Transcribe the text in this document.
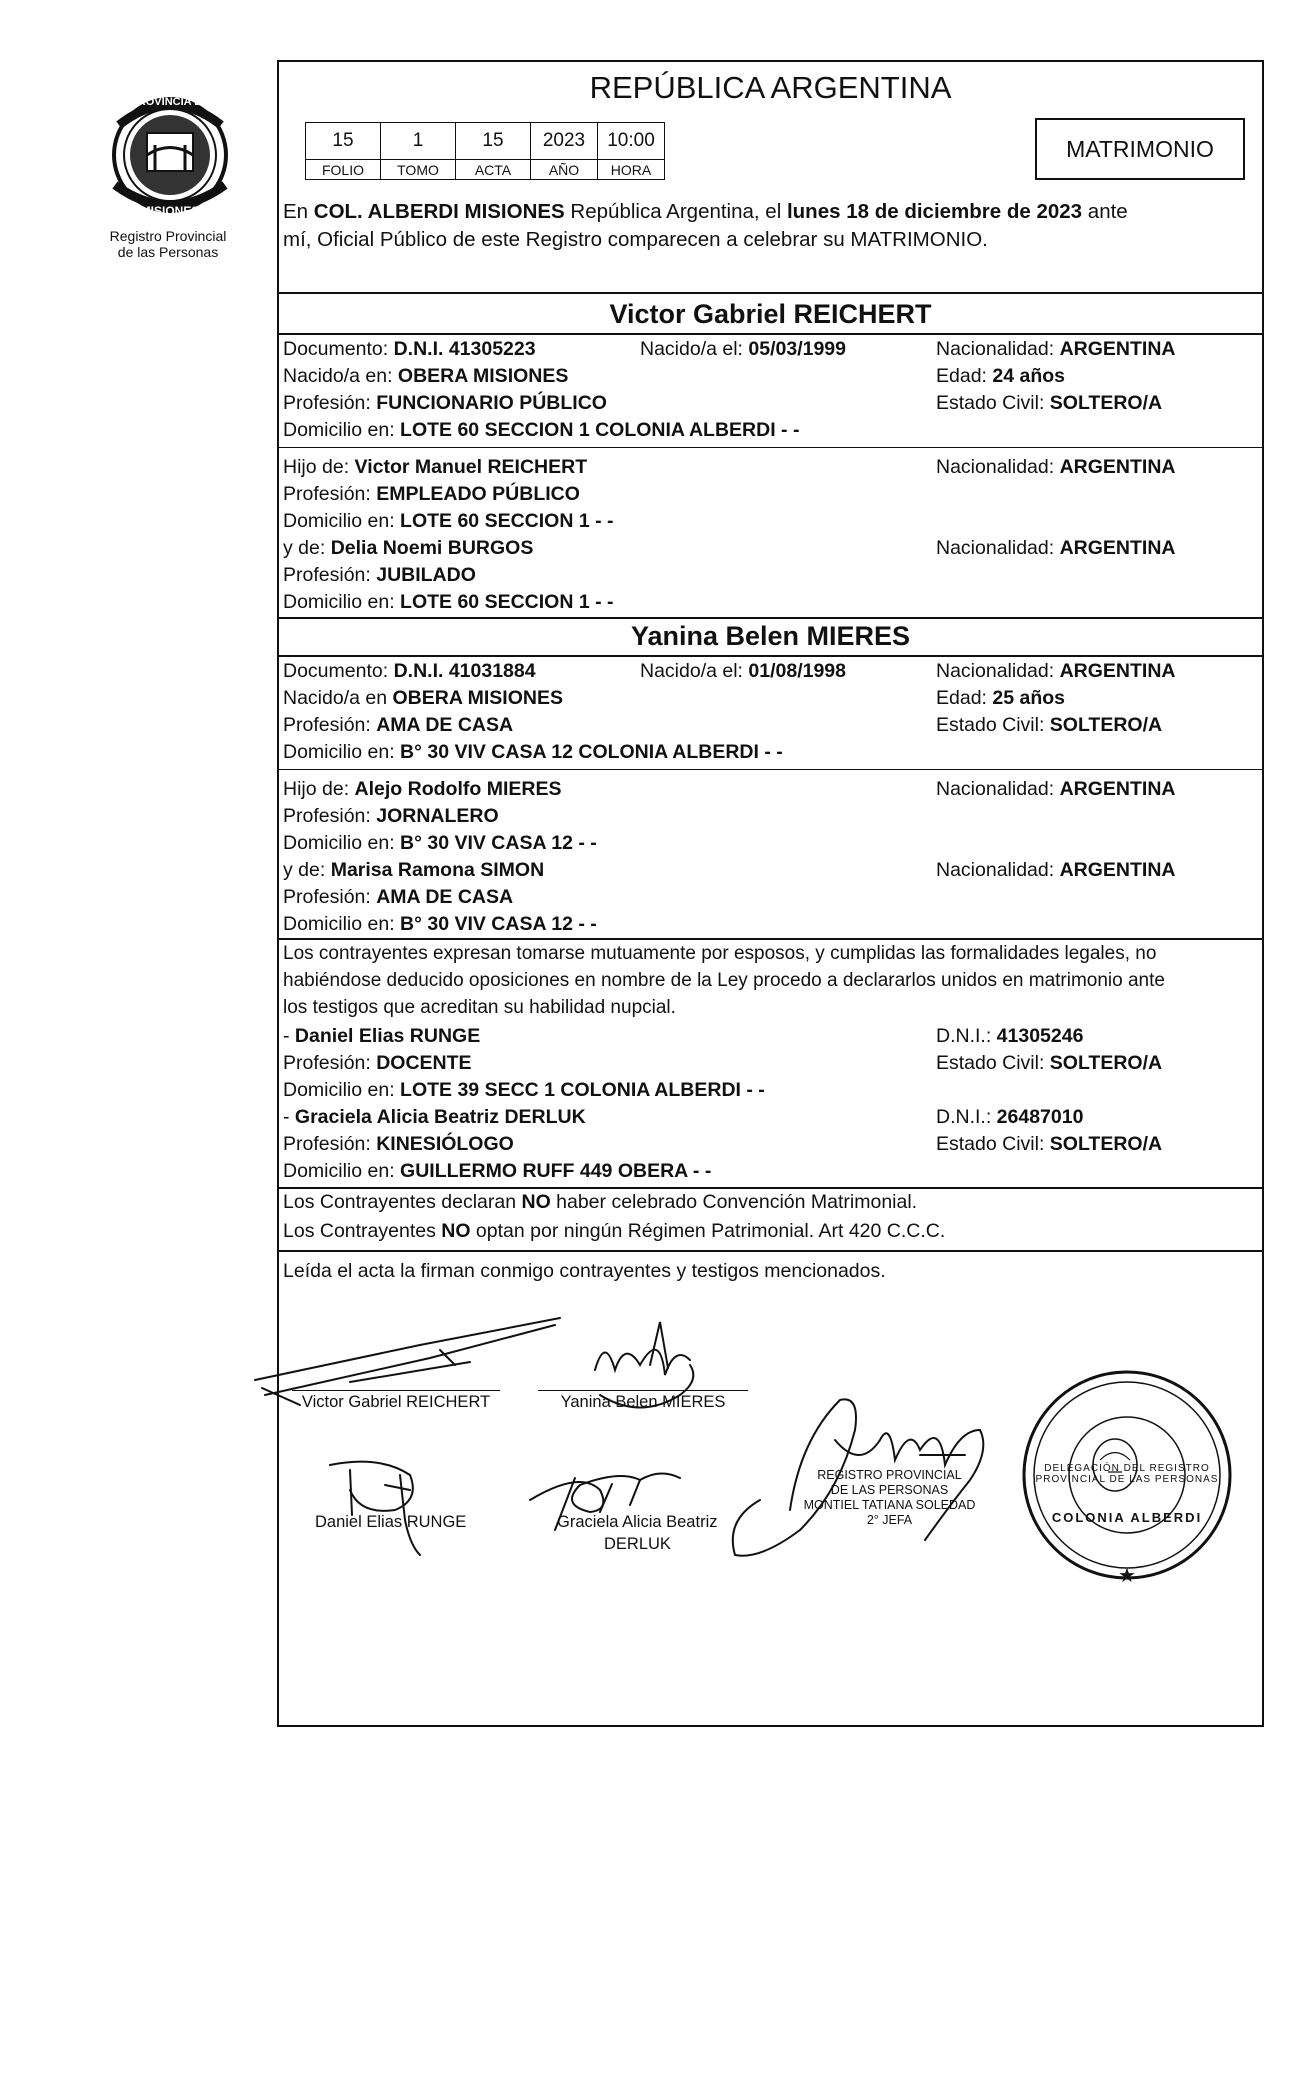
PROVINCIA DE
MISIONES
Registro Provincial
de las Personas
REPÚBLICA ARGENTINA
15	1	15	2023	10:00
FOLIO	TOMO	ACTA	AÑO	HORA
MATRIMONIO
En COL. ALBERDI MISIONES República Argentina, el lunes 18 de diciembre de 2023 ante
mí, Oficial Público de este Registro comparecen a celebrar su MATRIMONIO.
Victor Gabriel REICHERT
Documento: D.N.I. 41305223	Nacido/a el: 05/03/1999	Nacionalidad: ARGENTINA
Nacido/a en: OBERA MISIONES	Edad: 24 años
Profesión: FUNCIONARIO PÚBLICO	Estado Civil: SOLTERO/A
Domicilio en: LOTE 60 SECCION 1 COLONIA ALBERDI - -
Hijo de: Victor Manuel REICHERT	Nacionalidad: ARGENTINA
Profesión: EMPLEADO PÚBLICO
Domicilio en: LOTE 60 SECCION 1 - -
y de: Delia Noemi BURGOS	Nacionalidad: ARGENTINA
Profesión: JUBILADO
Domicilio en: LOTE 60 SECCION 1 - -
Yanina Belen MIERES
Documento: D.N.I. 41031884	Nacido/a el: 01/08/1998	Nacionalidad: ARGENTINA
Nacido/a en OBERA MISIONES	Edad: 25 años
Profesión: AMA DE CASA	Estado Civil: SOLTERO/A
Domicilio en: B° 30 VIV CASA 12 COLONIA ALBERDI - -
Hijo de: Alejo Rodolfo MIERES	Nacionalidad: ARGENTINA
Profesión: JORNALERO
Domicilio en: B° 30 VIV CASA 12 - -
y de: Marisa Ramona SIMON	Nacionalidad: ARGENTINA
Profesión: AMA DE CASA
Domicilio en: B° 30 VIV CASA 12 - -
Los contrayentes expresan tomarse mutuamente por esposos, y cumplidas las formalidades legales, no
habiéndose deducido oposiciones en nombre de la Ley procedo a declararlos unidos en matrimonio ante
los testigos que acreditan su habilidad nupcial.
- Daniel Elias RUNGE	D.N.I.: 41305246
Profesión: DOCENTE	Estado Civil: SOLTERO/A
Domicilio en: LOTE 39 SECC 1 COLONIA ALBERDI - -
- Graciela Alicia Beatriz DERLUK	D.N.I.: 26487010
Profesión: KINESIÓLOGO	Estado Civil: SOLTERO/A
Domicilio en: GUILLERMO RUFF 449 OBERA - -
Los Contrayentes declaran NO haber celebrado Convención Matrimonial.
Los Contrayentes NO optan por ningún Régimen Patrimonial. Art 420 C.C.C.
Leída el acta la firman conmigo contrayentes y testigos mencionados.
★
Victor Gabriel REICHERT	Yanina Belen MIERES
Daniel Elias RUNGE	Graciela Alicia Beatriz
DERLUK
REGISTRO PROVINCIAL
DE LAS PERSONAS
MONTIEL TATIANA SOLEDAD
2° JEFA
DELEGACIÓN DEL REGISTRO PROVINCIAL DE LAS PERSONAS
COLONIA ALBERDI
